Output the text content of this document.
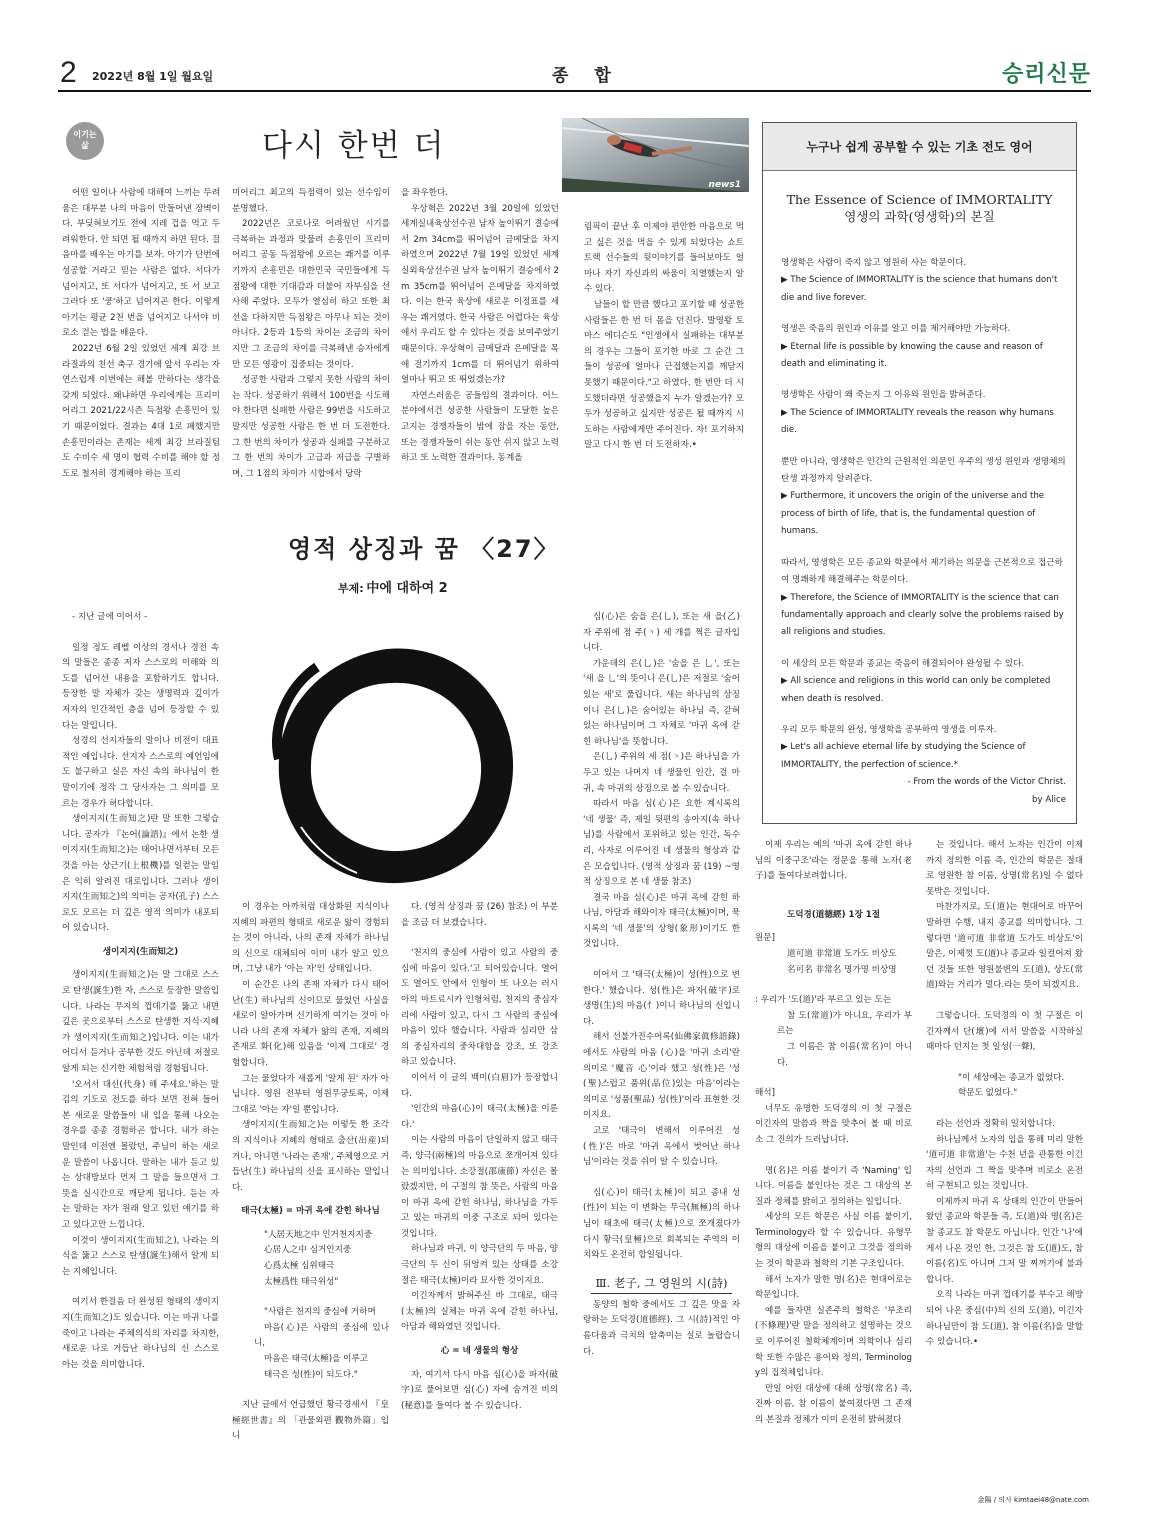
2 2022년 8월 1일 월요일	종 합	승리신문
이기는
삶	다시 한번 더
news1

어떤 일이나 사람에 대해여 느끼는 두려움은 대부분 나의 마음이 만들어낸 장벽이다. 부딪혀보기도 전에 지레 겁을 먹고 두려워한다. 안 되면 될 때까지 하면 된다. 걸음마를 배우는 아기를 보자. 아기가 단번에 성공할 거라고 믿는 사람은 없다. 서다가 넘어지고, 또 서다가 넘어지고, 또 서 보고 그러다 또 '쿵'하고 넘어지곤 한다. 이렇게 아기는 평균 2천 번을 넘어지고 나서야 비로소 걷는 법을 배운다.

2022년 6월 2일 있었던 세계 최강 브라질과의 친선 축구 경기에 앞서 우리는 자연스럽게 이번에는 해볼 만하다는 생각을 갖게 되었다. 왜냐하면 우리에게는 프리미어리그 2021/22시즌 득점왕 손흥민이 있기 때문이었다. 결과는 4대 1로 패했지만 손흥민이라는 존재는 세계 최강 브라질팀도 수비수 세 명이 협력 수비를 해야 할 정도로 철저히 경계해야 하는 프리

미어리그 최고의 득점력이 있는 선수임이 분명했다.

2022년은 코로나로 어려웠던 시기를 극복하는 과정과 맞물려 손흥민이 프리미어리그 공동 득점왕에 오르는 쾌거를 이루기까지 손흥민은 대한민국 국민들에게 득점왕에 대한 기대감과 더불어 자부심을 선사해 주었다. 모두가 열심히 하고 또한 최선을 다하지만 득점왕은 아무나 되는 것이 아니다. 2등과 1등의 차이는 조금의 차이지만 그 조금의 차이를 극복해낸 승자에게만 모든 영광이 집중되는 것이다.

성공한 사람과 그렇지 못한 사람의 차이는 작다. 성공하기 위해서 100번을 시도해야 한다면 실패한 사람은 99번을 시도하고 말지만 성공한 사람은 한 번 더 도전한다. 그 한 번의 차이가 성공과 실패를 구분하고 그 한 번의 차이가 고급과 저급을 구별하며, 그 1점의 차이가 시합에서 당락

을 좌우한다.

우상혁은 2022년 3월 20일에 있었던 세계실내육상선수권 남자 높이뛰기 결승에서 2m 34cm를 뛰어넘어 금메달을 차지하였으며 2022년 7월 19일 있었던 세계실외육상선수권 남자 높이뛰기 결승에서 2m 35cm를 뛰어넘어 은메달을 차지하였다. 이는 한국 육상에 새로운 이정표를 세우는 쾌거였다. 한국 사람은 어렵다는 육상에서 우리도 할 수 있다는 것을 보여주었기 때문이다. 우상혁이 금메달과 은메달을 목에 걸기까지 1cm를 더 뛰어넘기 위하여 얼마나 뛰고 또 뛰었겠는가?

자연스러움은 공들임의 결과이다. 어느 분야에서건 성공한 사람들이 도달한 높은 고지는 경쟁자들이 밤에 잠을 자는 동안, 또는 경쟁자들이 쉬는 동안 쉬지 않고 노력하고 또 노력한 결과이다. 동계올

림픽이 끝난 후 이제야 편안한 마음으로 먹고 싶은 것을 먹을 수 있게 되었다는 쇼트트랙 선수들의 뒷이야기를 들어보아도 얼마나 자기 자신과의 싸움이 치열했는지 알 수 있다.

남들이 할 만큼 했다고 포기할 때 성공한 사람들은 한 번 더 몸을 던진다. 발명왕 토마스 에디슨도 "인생에서 실패하는 대부분의 경우는 그들이 포기한 바로 그 순간 그들이 성공에 얼마나 근접했는지를 깨닫지 못했기 때문이다."고 하였다. 한 번만 더 시도했더라면 성공했을지 누가 알겠는가? 모두가 성공하고 싶지만 성공은 될 때까지 시도하는 사람에게만 주어진다. 자! 포기하지 말고 다시 한 번 더 도전하자.•

누구나 쉽게 공부할 수 있는 기초 전도 영어
The Essence of Science of IMMORTALITY
영생의 과학(영생학)의 본질
영생학은 사람이 죽지 않고 영원히 사는 학문이다.
▶ The Science of IMMORTALITY is the science that humans don't die and live forever.
영생은 죽음의 원인과 이유를 알고 이를 제거해야만 가능하다.
▶ Eternal life is possible by knowing the cause and reason of death and eliminating it.
영생학은 사람이 왜 죽는지 그 이유와 원인을 밝혀준다.
▶ The Science of IMMORTALITY reveals the reason why humans die.
뿐만 아니라, 영생학은 인간의 근원적인 의문인 우주의 생성 원인과 생명체의 탄생 과정까지 알려준다.
▶ Furthermore, it uncovers the origin of the universe and the process of birth of life, that is, the fundamental question of humans.
따라서, 영생학은 모든 종교와 학문에서 제기하는 의문을 근본적으로 접근하여 명쾌하게 해결해주는 학문이다.
▶ Therefore, the Science of IMMORTALITY is the science that can fundamentally approach and clearly solve the problems raised by all religions and studies.
이 세상의 모든 학문과 종교는 죽음이 해결되어야 완성될 수 있다.
▶ All science and religions in this world can only be completed when death is resolved.
우리 모두 학문의 완성, 영생학을 공부하여 영생을 이루자.
▶ Let's all achieve eternal life by studying the Science of IMMORTALITY, the perfection of science.*
- From the words of the Victor Christ.
by Alice
영적 상징과 꿈 〈27〉
부제: 中에 대하여 2

- 지난 글에 이어서 -

일정 정도 레벨 이상의 경서나 경전 속의 말들은 종종 저자 스스로의 이해와 의도를 넘어선 내용을 포함하기도 합니다. 등장한 말 자체가 갖는 생명력과 깊이가 저자의 인간적인 층을 넘어 등장할 수 있다는 말입니다.

성경의 선지자들의 말이나 비전이 대표적인 예입니다. 선지자 스스로의 예언임에도 불구하고 실은 자신 속의 하나님이 한 말이기에 정작 그 당사자는 그 의미를 모르는 경우가 허다합니다.

생이지지(生而知之)란 말 또한 그렇습니다. 공자가 『논어(論語)』에서 논한 생이지지(生而知之)는 태어나면서부터 모든 것을 아는 상근기(上根機)를 일컫는 말임은 익히 알려진 대로입니다. 그러나 생이지지(生而知之)의 의미는 공자(孔子) 스스로도 모르는 더 깊은 영적 의미가 내포되어 있습니다.

생이지지(生而知之)

생이지지(生而知之)는 말 그대로 스스로 탄생(誕生)한 자, 스스로 등장한 말씀입니다. 나라는 무지의 껍데기를 뚫고 내면 깊은 곳으로부터 스스로 탄생한 지식·지혜가 생이지지(生而知之)입니다. 이는 내가 어디서 듣거나 공부한 것도 아닌데 저절로 알게 되는 신기한 체험처럼 경험됩니다.

'오셔서 대신(代身) 해 주세요.'하는 말김의 기도로 전도를 하다 보면 전혀 들어 본 새로운 말씀들이 내 입을 통해 나오는 경우를 종종 경험하곤 합니다. 내가 하는 말인데 이전엔 몰랐던, 주님이 하는 새로운 말씀이 나옵니다. 말하는 내가 듣고 있는 상대방보다 먼저 그 말을 들으면서 그 뜻을 실시간으로 깨닫게 됩니다. 듣는 자는 말하는 자가 원래 알고 있던 얘기를 하고 있다고만 느낍니다.

이것이 생이지지(生而知之), 나라는 의식을 뚫고 스스로 탄생(誕生)해서 알게 되는 지혜입니다.

여기서 한걸음 더 완성된 형태의 생이지지(生而知之)도 있습니다. 이는 마귀 나를 죽이고 나라는 주체의식의 자리를 차지한, 새로운 나로 거듭난 하나님의 신 스스로 아는 것을 의미합니다.

이 경우는 아까처럼 대상화된 지식이나 지혜의 파편의 형태로 새로운 앎이 경험되는 것이 아니라, 나의 존재 자체가 하나님의 신으로 대체되어 이미 내가 알고 있으며, 그냥 내가 '아는 자'인 상태입니다.

이 순간은 나의 존재 자체가 다시 태어난(生) 하나님의 신이므로 물었던 사실을 새로이 알아가며 신기하게 여기는 것이 아니라 나의 존재 자체가 앎의 존재, 지혜의 존재로 화(化)해 있음을 '이제 그대로' 경험합니다.

그는 물었다가 새롭게 '알게 된' 자가 아닙니다. 영원 전부터 영원무궁토록, 이제 그대로 '아는 자'일 뿐입니다.

생이지지(生而知之)는 이렇듯 한 조각의 지식이나 지혜의 형태로 출산(出産)되거나, 아니면 '나라는 존재', 주체영으로 거듭난(生) 하나님의 신을 표시하는 말입니다.

태극(太極) = 마귀 옥에 갇힌 하나님

"人居天地之中 인거천지지중

心居人之中 심거인지중

心爲太極 심위태극

太極爲性 태극위성"

"사람은 천지의 중심에 거하며

마음(心)은 사람의 중심에 있나니,

마음은 태극(太極)을 이루고

태극은 성(性)이 되도다."

지난 글에서 언급했던 황극경세서 『皇極經世書』의 「관물외편 觀物外篇」입니

다. (영적 상징과 꿈 (26) 참조) 이 부분을 조금 더 보겠습니다.

'천지의 중심에 사람이 있고 사람의 중심에 마음이 있다.'고 되어있습니다. 열어도 열어도 안에서 인형이 또 나오는 러시아의 마트료시카 인형처럼, 천지의 중심자리에 사람이 있고, 다시 그 사람의 중심에 마음이 있다 했습니다. 사람과 심리만 삼의 중심자리의 중차대함을 강조, 또 강조하고 있습니다.

이어서 이 글의 백미(白眉)가 등장합니다.

'인간의 마음(心)이 태극(太極)을 이룬다.'

이는 사람의 마음이 단일하지 않고 태극 즉, 양극(兩極)의 마음으로 쪼개어져 있다는 의미입니다. 소강절(邵康節) 자신은 몰랐겠지만, 이 구절의 참 뜻은, 사람의 마음이 마귀 옥에 갇힌 하나님, 하나님을 가두고 있는 마귀의 이중 구조로 되어 있다는 것입니다.

하나님과 마귀, 이 양극단의 두 마음, 양극단의 두 신이 뒤엉켜 있는 상태를 소강절은 태극(太極)이라 묘사한 것이지요.

이긴자께서 밝혀주신 바 그대로, 태극(太極)의 실체는 마귀 옥에 갇힌 하나님, 아담과 해와였던 것입니다.

心 = 네 생물의 형상

자, 여기서 다시 마음 심(心)을 파자(破字)로 풀어보면 심(心) 자에 숨겨진 비의(秘意)를 들여다 볼 수 있습니다.

심(心)은 숨을 은(乚), 또는 새 을(乙) 자 주위에 점 주(丶) 세 개를 찍은 글자입니다.

가운데의 은(乚)은 '숨을 은 乚', 또는 '새 을 乚'의 뜻이니 은(乚)은 저절로 '숨어 있는 새'로 풀립니다. 새는 하나님의 상징이니 은(乚)은 숨어있는 하나님 즉, 갇혀 있는 하나님이며 그 자체로 '마귀 옥에 갇힌 하나님'을 뜻합니다.

은(乚) 주위의 세 점(丶)은 하나님을 가두고 있는 나머지 네 생물인 인간, 걸 마귀, 속 마귀의 상징으로 볼 수 있습니다.

따라서 마음 심(心)은 요한 계시록의 '네 생물' 즉, 제일 뒷편의 송아지(속 하나님)를 사람에서 포위하고 있는 인간, 독수리, 사자로 이루어진 네 생물의 형상과 같은 모습입니다. (영적 상징과 꿈 (19) ~영적 상징으로 본 네 생물 참조)

결국 마음 심(心)은 마귀 옥에 갇힌 하나님, 아담과 해와이자 태극(太極)이며, 묵시록의 '네 생물'의 상형(象形)이기도 한 것입니다.

이어서 그 '태극(太極)이 성(性)으로 변한다.' 했습니다. 성(性)은 파자(破字)로 생명(生)의 마음(忄)이니 하나님의 신입니다.

해서 선불가진수어록(仙佛家眞修語錄)에서도 사람의 마음 (心)을 '마귀 소리'란 의미로 '魔音 心'이라 했고 성(性)은 '성(聖)스럽고 품위(品位)있는 마음'이라는 의미로 '성품(聖品) 성(性)'이라 표현한 것이지요.

고로 '태극이 변해서 이루어진 성(性)'은 바로 '마귀 옥에서 벗어난 하나님'이라는 것을 쉬이 알 수 있습니다.

심(心)이 태극(太極)이 되고 종내 성(性)이 되는 이 변화는 무극(無極)의 하나님이 태초에 태극(太極)으로 쪼개졌다가 다시 황극(皇極)으로 회복되는 주역의 이치와도 온전히 합일됩니다.

Ⅲ. 老子, 그 영원의 시(詩)

동양의 철학 중에서도 그 깊은 맛을 자랑하는 도덕경(道德經). 그 시(詩)적인 아름다움과 극치의 암축미는 실로 놀랍습니다.

이제 우리는 예의 '마귀 옥에 갇힌 하나님의 이중구조'라는 정문을 통해 노자(老子)를 들여다보려합니다.

도덕경(道德經) 1장 1절

원문]

道可道 非常道 도가도 비상도

名可名 非常名 명가명 비상명

: 우리가 '도(道)'라 부르고 있는 도는

참 도(常道)가 아니요, 우리가 부르는

그 이름은 참 이름(常名)이 아니다.

해석]

너무도 유명한 도덕경의 이 첫 구절은 이긴자의 말씀과 짝을 맞추어 볼 때 비로소 그 진의가 드러납니다.

명(名)은 이름 붙이기 즉 'Naming' 입니다. 이름을 붙인다는 것은 그 대상의 본질과 정체를 밝히고 정의하는 일입니다.

세상의 모든 학문은 사실 이름 붙이기, Terminology라 할 수 있습니다. 유형무형의 대상에 이름을 붙이고 그것을 정의하는 것이 학문과 철학의 기본 구조입니다.

해서 노자가 말한 명(名)은 현대어로는 학문입니다.

예를 들자면 실존주의 철학은 '부조리(不條理)'란 말을 정의하고 설명하는 것으로 이루어진 철학체계이며 의학이나 심리학 또한 수많은 용어와 정의, Terminology의 집적체입니다.

만일 어떤 대상에 대해 상명(常名) 즉, 진짜 이름, 참 이름이 붙여졌다면 그 존재의 본질과 정체가 이미 온전히 밝혀졌다

는 것입니다. 해서 노자는 인간이 이제까지 정의한 이름 즉, 인간의 학문은 절대로 영원한 참 이름, 상명(常名)일 수 없다 못박은 것입니다.

마찬가지로, 도(道)는 현대어로 바꾸어 말하면 수행, 내지 종교를 의미합니다. 그렇다면 '道可道 非常道 도가도 비상도'이 말은, 이제껏 도(道)나 종교라 일컬어져 왔던 것들 또한 영원불변의 도(道), 상도(常道)와는 거리가 멀다.라는 뜻이 되겠지요.

그렇습니다. 도덕경의 이 첫 구절은 이긴자께서 단(壇)에 서서 말씀을 시작하실 때마다 던지는 첫 일성(一聲),

"이 세상에는 종교가 없었다.

학문도 없었다."

라는 선언과 정확히 일치합니다.

하나님께서 노자의 입을 통해 미리 말한 '道可道 非常道'는 수천 년을 관통한 이긴자의 선언과 그 짝을 맞추며 비로소 온전히 구현되고 있는 것입니다.

이제까지 마귀 옥 상태의 인간이 만들어 왔던 종교와 학문들 즉, 도(道)와 명(名)은 참 종교도 참 학문도 아닙니다. 인간 '나'에게서 나온 것인 한, 그것은 참 도(道)도, 참 이름(名)도 아니며 그저 말 찌꺼기에 불과합니다.

오직 나라는 마귀 껍데기를 부수고 해방되어 나온 중심(中)의 신의 도(道), 이긴자 하나님만이 참 도(道), 참 이름(名)을 말할 수 있습니다.•

金陽 / 의사 kimtaei48@nate.com
